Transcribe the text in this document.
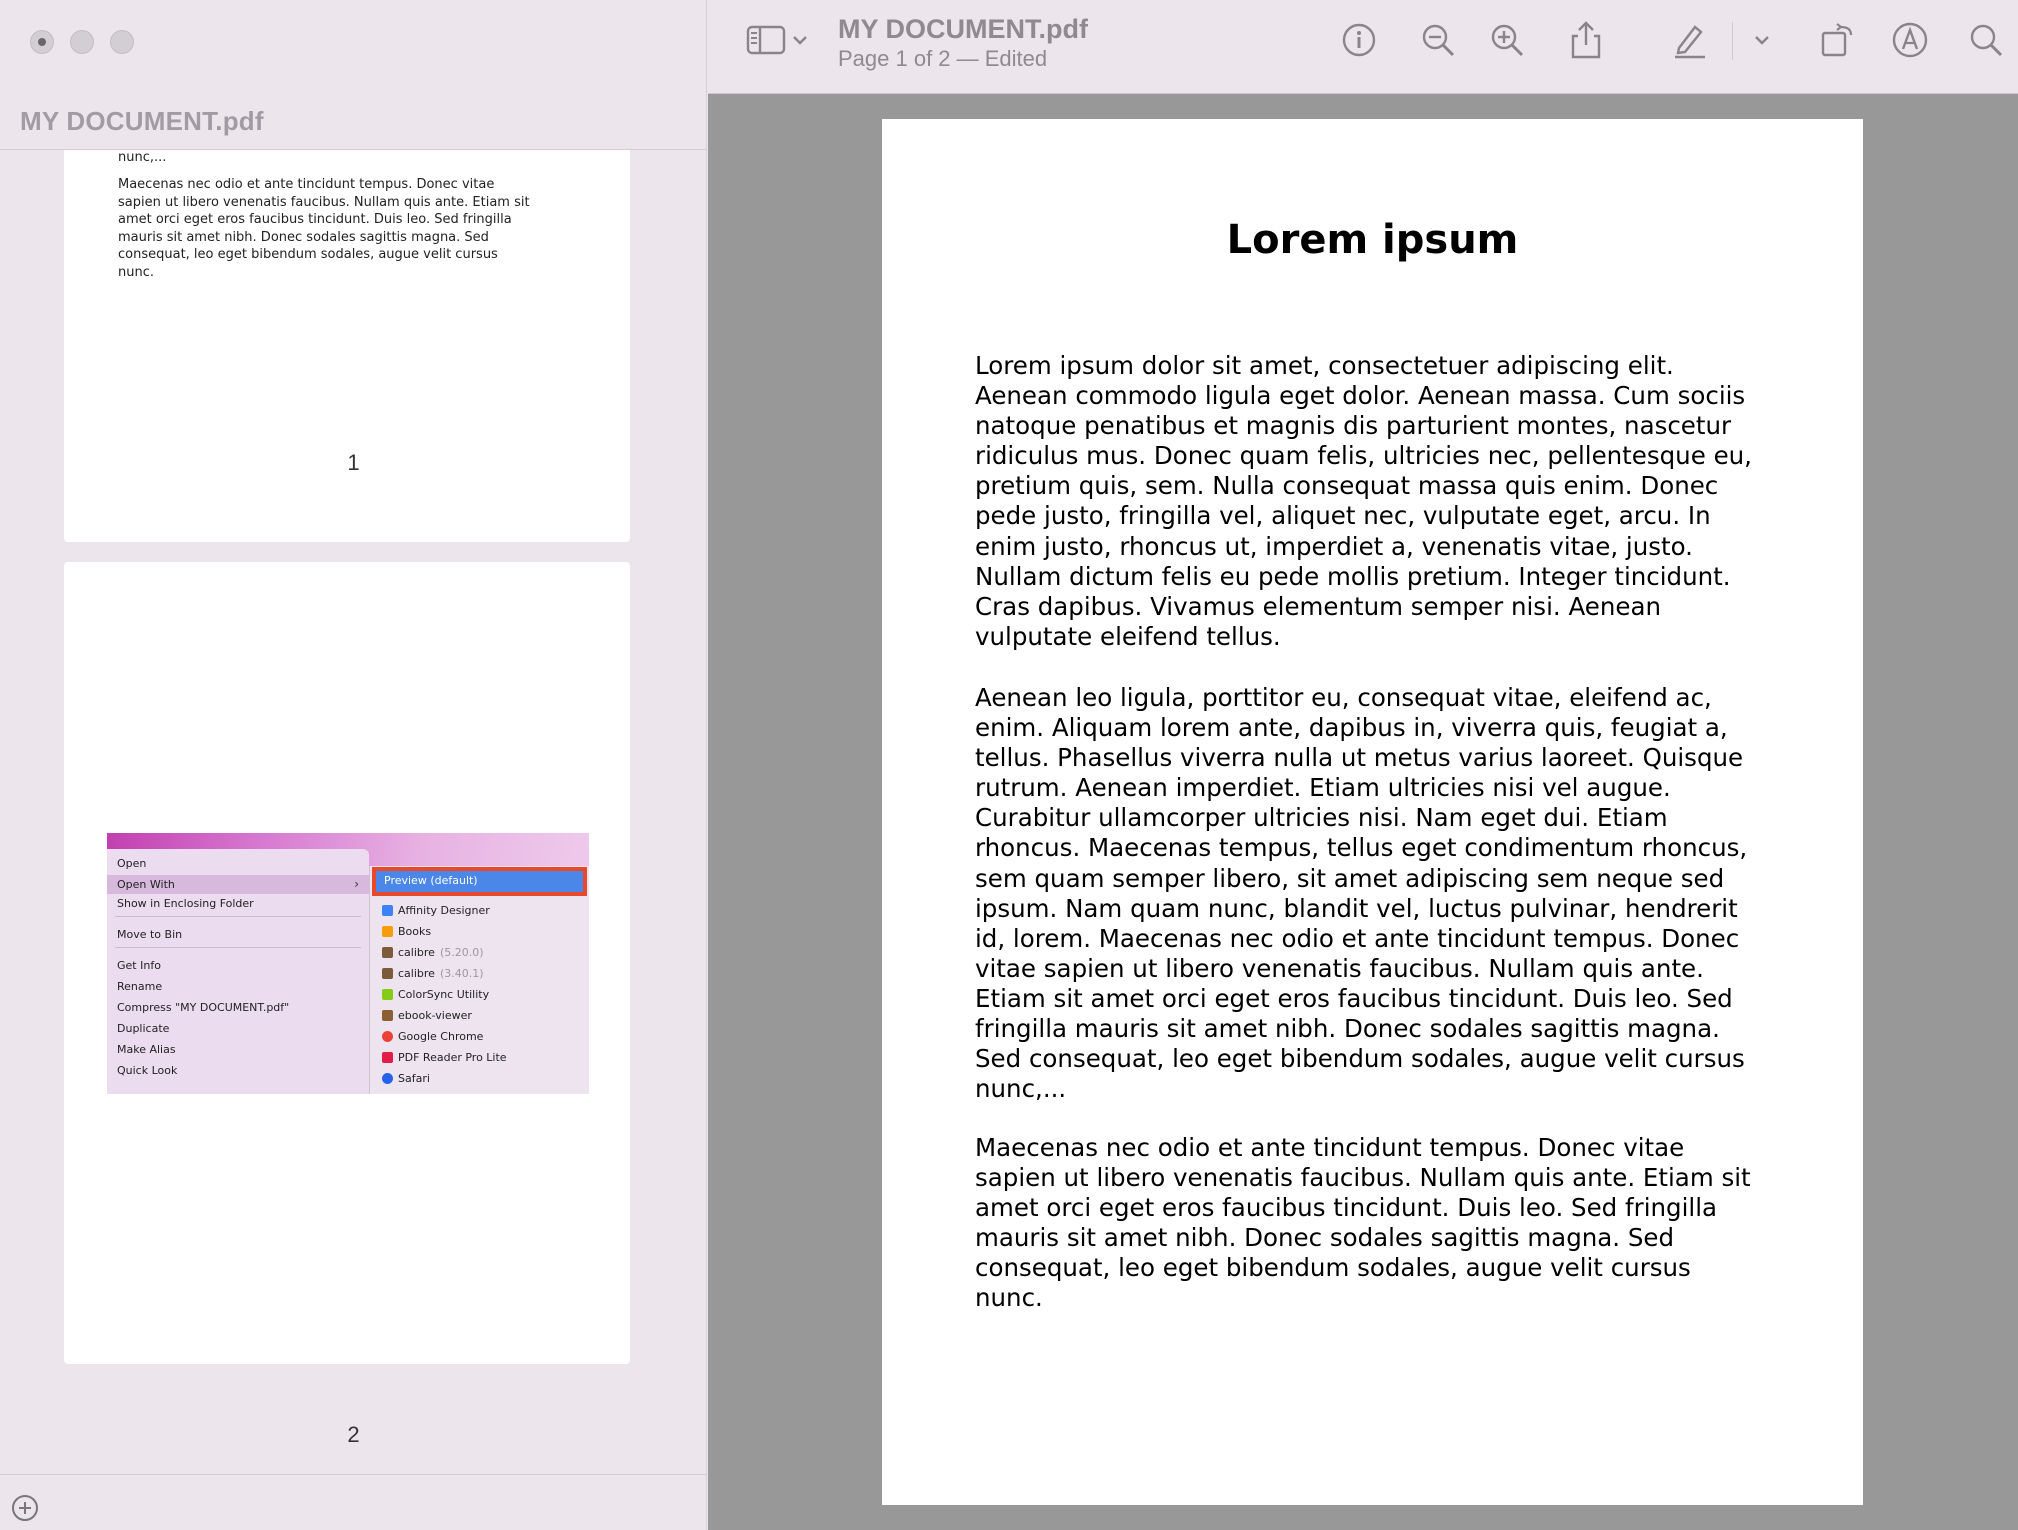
MY DOCUMENT.pdf
nunc,...
Maecenas nec odio et ante tincidunt tempus. Donec vitae
sapien ut libero venenatis faucibus. Nullam quis ante. Etiam sit
amet orci eget eros faucibus tincidunt. Duis leo. Sed fringilla
mauris sit amet nibh. Donec sodales sagittis magna. Sed
consequat, leo eget bibendum sodales, augue velit cursus
nunc.
1
Open
Open With	›
Show in Enclosing Folder
Move to Bin
Get Info
Rename
Compress "MY DOCUMENT.pdf"
Duplicate
Make Alias
Quick Look
Preview (default)
Affinity Designer
Books
calibre (5.20.0)
calibre (3.40.1)
ColorSync Utility
ebook-viewer
Google Chrome
PDF Reader Pro Lite
Safari
2
MY DOCUMENT.pdf
Page 1 of 2 — Edited
Lorem ipsum
Lorem ipsum dolor sit amet, consectetuer adipiscing elit.
Aenean commodo ligula eget dolor. Aenean massa. Cum sociis
natoque penatibus et magnis dis parturient montes, nascetur
ridiculus mus. Donec quam felis, ultricies nec, pellentesque eu,
pretium quis, sem. Nulla consequat massa quis enim. Donec
pede justo, fringilla vel, aliquet nec, vulputate eget, arcu. In
enim justo, rhoncus ut, imperdiet a, venenatis vitae, justo.
Nullam dictum felis eu pede mollis pretium. Integer tincidunt.
Cras dapibus. Vivamus elementum semper nisi. Aenean
vulputate eleifend tellus.
Aenean leo ligula, porttitor eu, consequat vitae, eleifend ac,
enim. Aliquam lorem ante, dapibus in, viverra quis, feugiat a,
tellus. Phasellus viverra nulla ut metus varius laoreet. Quisque
rutrum. Aenean imperdiet. Etiam ultricies nisi vel augue.
Curabitur ullamcorper ultricies nisi. Nam eget dui. Etiam
rhoncus. Maecenas tempus, tellus eget condimentum rhoncus,
sem quam semper libero, sit amet adipiscing sem neque sed
ipsum. Nam quam nunc, blandit vel, luctus pulvinar, hendrerit
id, lorem. Maecenas nec odio et ante tincidunt tempus. Donec
vitae sapien ut libero venenatis faucibus. Nullam quis ante.
Etiam sit amet orci eget eros faucibus tincidunt. Duis leo. Sed
fringilla mauris sit amet nibh. Donec sodales sagittis magna.
Sed consequat, leo eget bibendum sodales, augue velit cursus
nunc,...
Maecenas nec odio et ante tincidunt tempus. Donec vitae
sapien ut libero venenatis faucibus. Nullam quis ante. Etiam sit
amet orci eget eros faucibus tincidunt. Duis leo. Sed fringilla
mauris sit amet nibh. Donec sodales sagittis magna. Sed
consequat, leo eget bibendum sodales, augue velit cursus
nunc.
